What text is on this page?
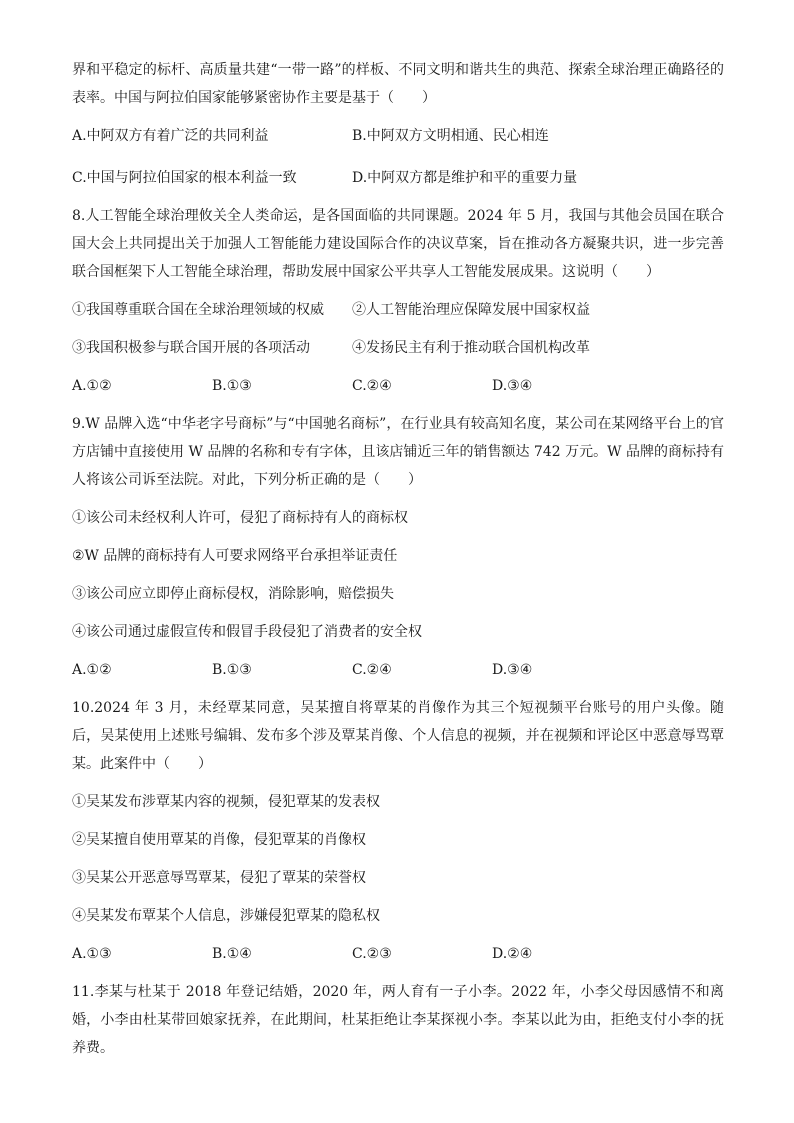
界和平稳定的标杆、高质量共建“一带一路”的样板、不同文明和谐共生的典范、探索全球治理正确路径的表率。中国与阿拉伯国家能够紧密协作主要是基于（　　）

A.中阿双方有着广泛的共同利益	B.中阿双方文明相通、民心相连
C.中国与阿拉伯国家的根本利益一致	D.中阿双方都是维护和平的重要力量

8.人工智能全球治理攸关全人类命运，是各国面临的共同课题。2024 年 5 月，我国与其他会员国在联合国大会上共同提出关于加强人工智能能力建设国际合作的决议草案，旨在推动各方凝聚共识，进一步完善联合国框架下人工智能全球治理，帮助发展中国家公平共享人工智能发展成果。这说明（　　）

①我国尊重联合国在全球治理领域的权威	②人工智能治理应保障发展中国家权益
③我国积极参与联合国开展的各项活动	④发扬民主有利于推动联合国机构改革
A.①②	B.①③	C.②④	D.③④

9.W 品牌入选“中华老字号商标”与“中国驰名商标”，在行业具有较高知名度，某公司在某网络平台上的官方店铺中直接使用 W 品牌的名称和专有字体，且该店铺近三年的销售额达 742 万元。W 品牌的商标持有人将该公司诉至法院。对此，下列分析正确的是（　　）

①该公司未经权利人许可，侵犯了商标持有人的商标权
②W 品牌的商标持有人可要求网络平台承担举证责任
③该公司应立即停止商标侵权，消除影响，赔偿损失
④该公司通过虚假宣传和假冒手段侵犯了消费者的安全权
A.①②	B.①③	C.②④	D.③④

10.2024 年 3 月，未经覃某同意，吴某擅自将覃某的肖像作为其三个短视频平台账号的用户头像。随后，吴某使用上述账号编辑、发布多个涉及覃某肖像、个人信息的视频，并在视频和评论区中恶意辱骂覃某。此案件中（　　）

①吴某发布涉覃某内容的视频，侵犯覃某的发表权
②吴某擅自使用覃某的肖像，侵犯覃某的肖像权
③吴某公开恶意辱骂覃某，侵犯了覃某的荣誉权
④吴某发布覃某个人信息，涉嫌侵犯覃某的隐私权
A.①③	B.①④	C.②③	D.②④

11.李某与杜某于 2018 年登记结婚，2020 年，两人育有一子小李。2022 年，小李父母因感情不和离婚，小李由杜某带回娘家抚养，在此期间，杜某拒绝让李某探视小李。李某以此为由，拒绝支付小李的抚养费。
